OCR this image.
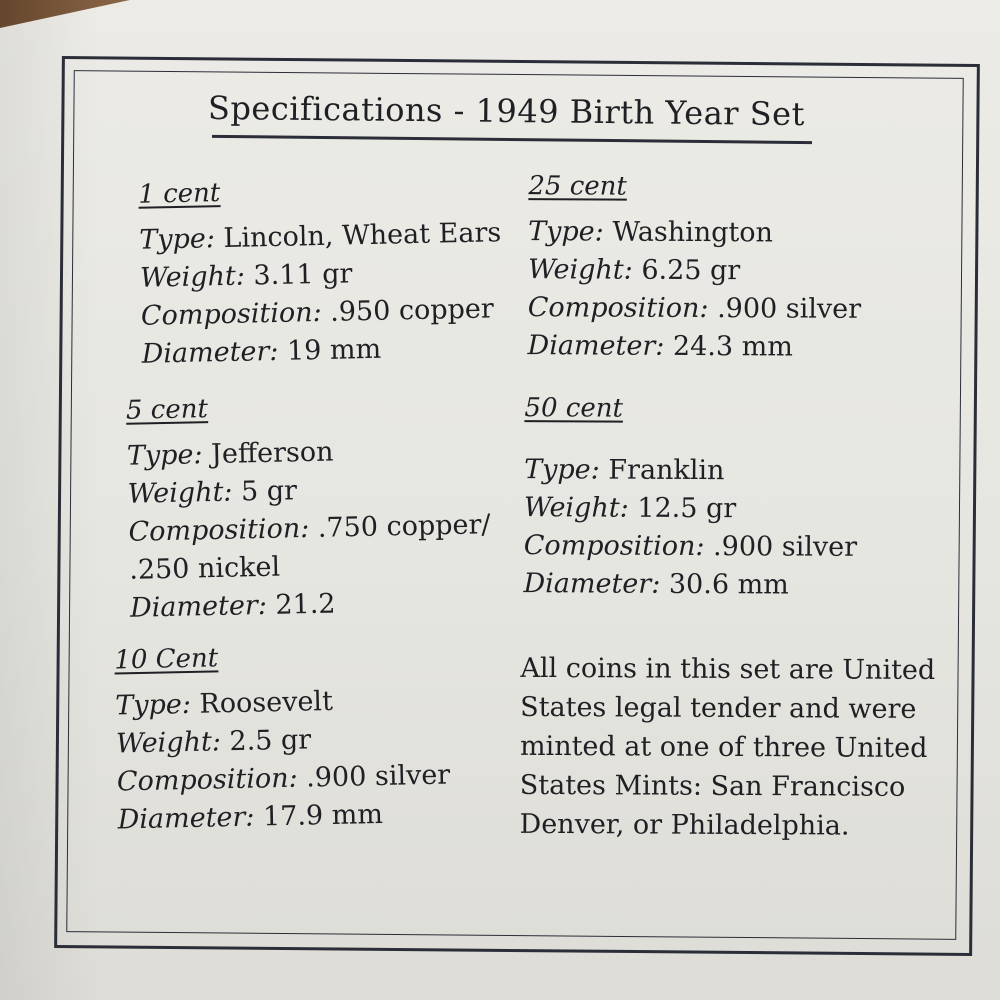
Specifications - 1949 Birth Year Set
1 cent
Type: Lincoln, Wheat Ears
Weight: 3.11 gr
Composition: .950 copper
Diameter: 19 mm
5 cent
Type: Jefferson
Weight: 5 gr
Composition: .750 copper/
.250 nickel
Diameter: 21.2
10 Cent
Type: Roosevelt
Weight: 2.5 gr
Composition: .900 silver
Diameter: 17.9 mm
25 cent
Type: Washington
Weight: 6.25 gr
Composition: .900 silver
Diameter: 24.3 mm
50 cent
Type: Franklin
Weight: 12.5 gr
Composition: .900 silver
Diameter: 30.6 mm
All coins in this set are United
States legal tender and were
minted at one of three United
States Mints: San Francisco
Denver, or Philadelphia.
